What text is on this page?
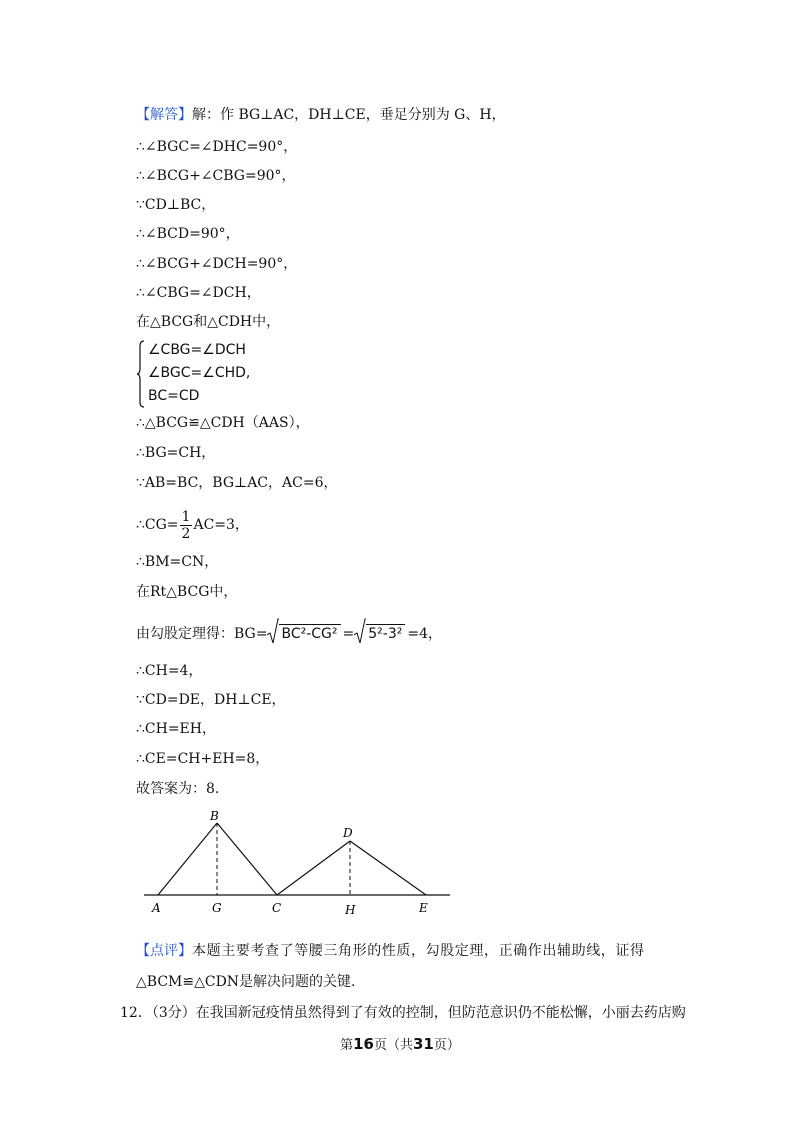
【解答】解：作 BG⊥AC，DH⊥CE，垂足分别为 G、H，
∴∠BGC=∠DHC=90°，
∴∠BCG+∠CBG=90°，
∵CD⊥BC，
∴∠BCD=90°，
∴∠BCG+∠DCH=90°，
∴∠CBG=∠DCH，
在△BCG和△CDH中，
∠CBG=∠DCH
∠BGC=∠CHD,
BC=CD
∴△BCG≌△CDH（AAS），
∴BG=CH，
∵AB=BC，BG⊥AC，AC=6，
∴CG= $\frac{1}{2} AC=3$，
∴BM=CN，
在Rt△BCG中，
由勾股定理得：BG= BC²-CG² = 5²-3² =4，
∴CH=4，
∵CD=DE，DH⊥CE，
∴CH=EH，
∴CE=CH+EH=8，
故答案为：8.
B
D
A	G	C	H	E
【点评】本题主要考查了等腰三角形的性质，勾股定理，正确作出辅助线，证得
△BCM≌△CDN是解决问题的关键.
12．（3分）在我国新冠疫情虽然得到了有效的控制，但防范意识仍不能松懈，小丽去药店购
第16页（共31页）
